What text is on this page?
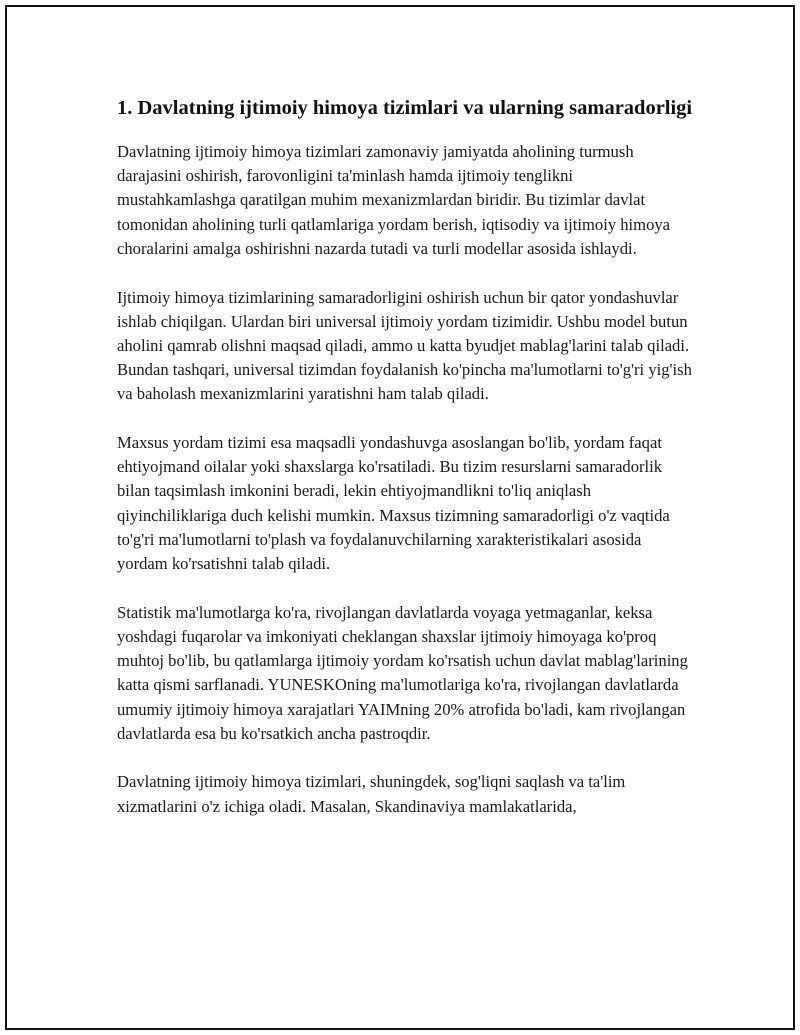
1. Davlatning ijtimoiy himoya tizimlari va ularning samaradorligi

Davlatning ijtimoiy himoya tizimlari zamonaviy jamiyatda aholining turmush darajasini oshirish, farovonligini ta'minlash hamda ijtimoiy tenglikni mustahkamlashga qaratilgan muhim mexanizmlardan biridir. Bu tizimlar davlat tomonidan aholining turli qatlamlariga yordam berish, iqtisodiy va ijtimoiy himoya choralarini amalga oshirishni nazarda tutadi va turli modellar asosida ishlaydi.

Ijtimoiy himoya tizimlarining samaradorligini oshirish uchun bir qator yondashuvlar ishlab chiqilgan. Ulardan biri universal ijtimoiy yordam tizimidir. Ushbu model butun aholini qamrab olishni maqsad qiladi, ammo u katta byudjet mablag'larini talab qiladi. Bundan tashqari, universal tizimdan foydalanish ko'pincha ma'lumotlarni to'g'ri yig'ish va baholash mexanizmlarini yaratishni ham talab qiladi.

Maxsus yordam tizimi esa maqsadli yondashuvga asoslangan bo'lib, yordam faqat ehtiyojmand oilalar yoki shaxslarga ko'rsatiladi. Bu tizim resurslarni samaradorlik bilan taqsimlash imkonini beradi, lekin ehtiyojmandlikni to'liq aniqlash qiyinchiliklariga duch kelishi mumkin. Maxsus tizimning samaradorligi o'z vaqtida to'g'ri ma'lumotlarni to'plash va foydalanuvchilarning xarakteristikalari asosida yordam ko'rsatishni talab qiladi.

Statistik ma'lumotlarga ko'ra, rivojlangan davlatlarda voyaga yetmaganlar, keksa yoshdagi fuqarolar va imkoniyati cheklangan shaxslar ijtimoiy himoyaga ko'proq muhtoj bo'lib, bu qatlamlarga ijtimoiy yordam ko'rsatish uchun davlat mablag'larining katta qismi sarflanadi. YUNESKOning ma'lumotlariga ko'ra, rivojlangan davlatlarda umumiy ijtimoiy himoya xarajatlari YAIMning 20% atrofida bo'ladi, kam rivojlangan davlatlarda esa bu ko'rsatkich ancha pastroqdir.

Davlatning ijtimoiy himoya tizimlari, shuningdek, sog'liqni saqlash va ta'lim xizmatlarini o'z ichiga oladi. Masalan, Skandinaviya mamlakatlarida,
